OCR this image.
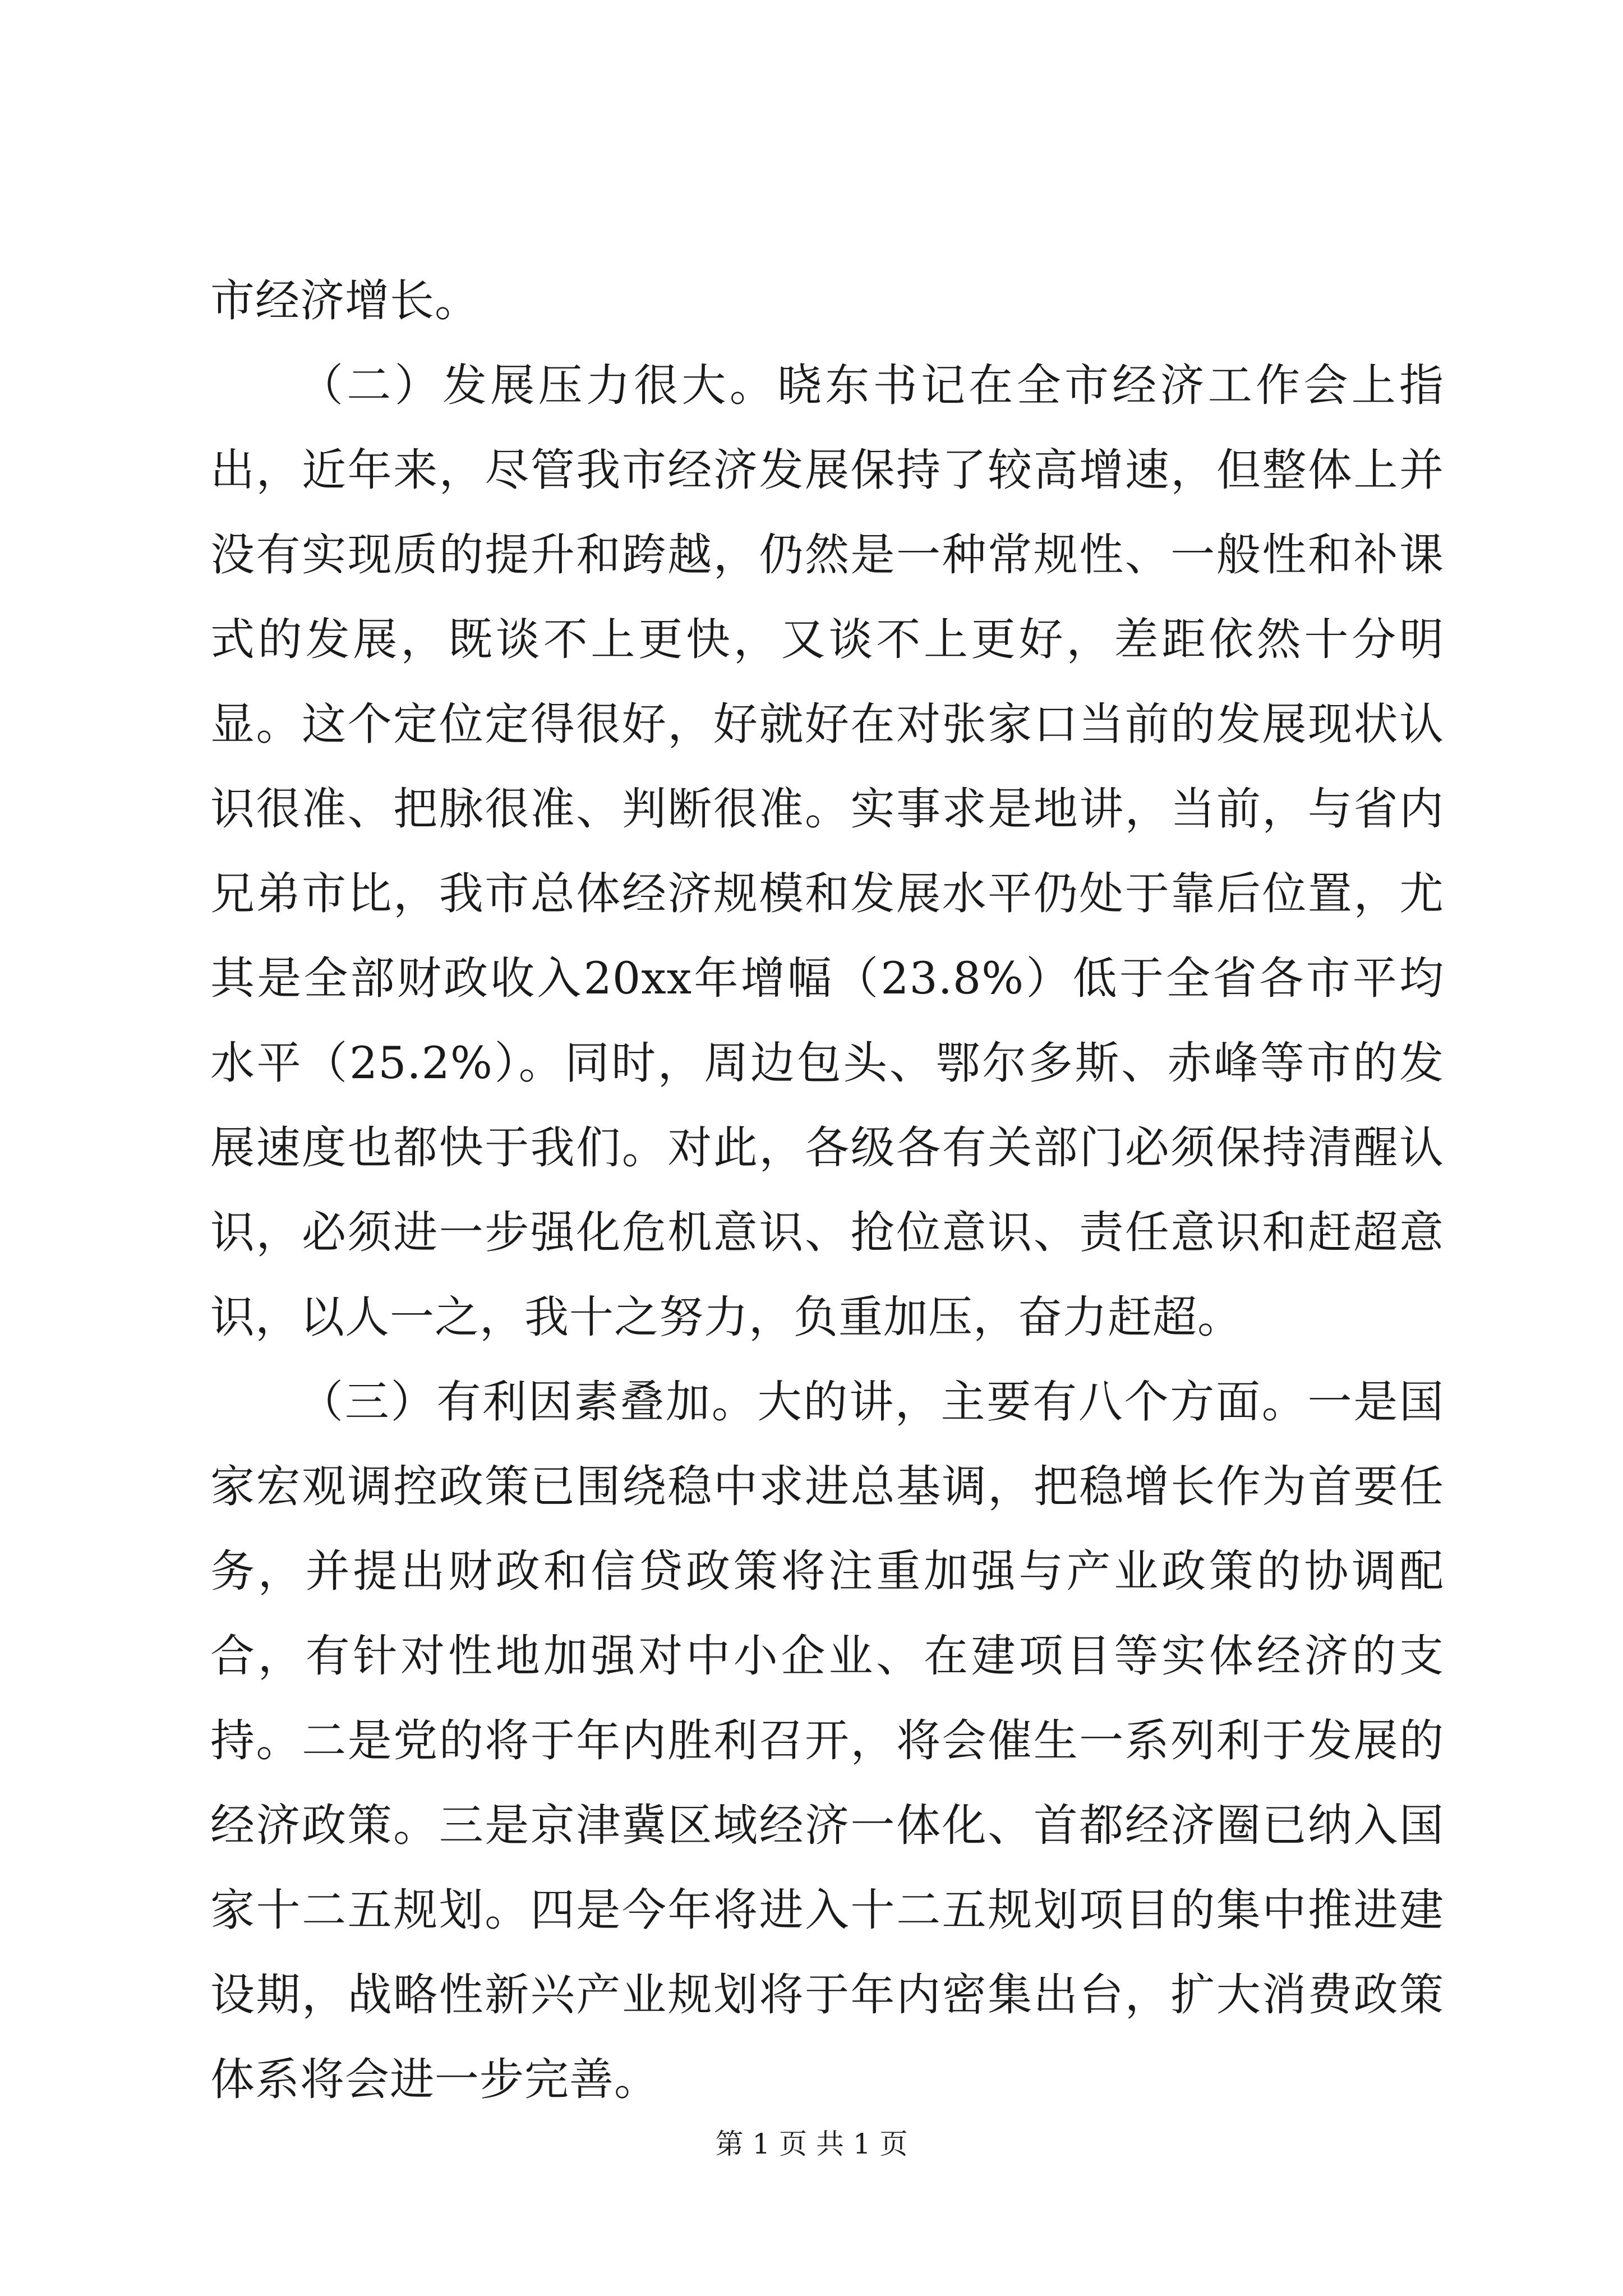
市经济增长。

（二）发展压力很大。晓东书记在全市经济工作会上指出，近年来，尽管我市经济发展保持了较高增速，但整体上并没有实现质的提升和跨越，仍然是一种常规性、一般性和补课式的发展，既谈不上更快，又谈不上更好，差距依然十分明显。这个定位定得很好，好就好在对张家口当前的发展现状认识很准、把脉很准、判断很准。实事求是地讲，当前，与省内兄弟市比，我市总体经济规模和发展水平仍处于靠后位置，尤其是全部财政收入20xx年增幅（23.8%）低于全省各市平均水平（25.2%）。同时，周边包头、鄂尔多斯、赤峰等市的发展速度也都快于我们。对此，各级各有关部门必须保持清醒认识，必须进一步强化危机意识、抢位意识、责任意识和赶超意识，以人一之，我十之努力，负重加压，奋力赶超。

（三）有利因素叠加。大的讲，主要有八个方面。一是国家宏观调控政策已围绕稳中求进总基调，把稳增长作为首要任务，并提出财政和信贷政策将注重加强与产业政策的协调配合，有针对性地加强对中小企业、在建项目等实体经济的支持。二是党的将于年内胜利召开，将会催生一系列利于发展的经济政策。三是京津冀区域经济一体化、首都经济圈已纳入国家十二五规划。四是今年将进入十二五规划项目的集中推进建设期，战略性新兴产业规划将于年内密集出台，扩大消费政策体系将会进一步完善。

第 1 页 共 1 页
